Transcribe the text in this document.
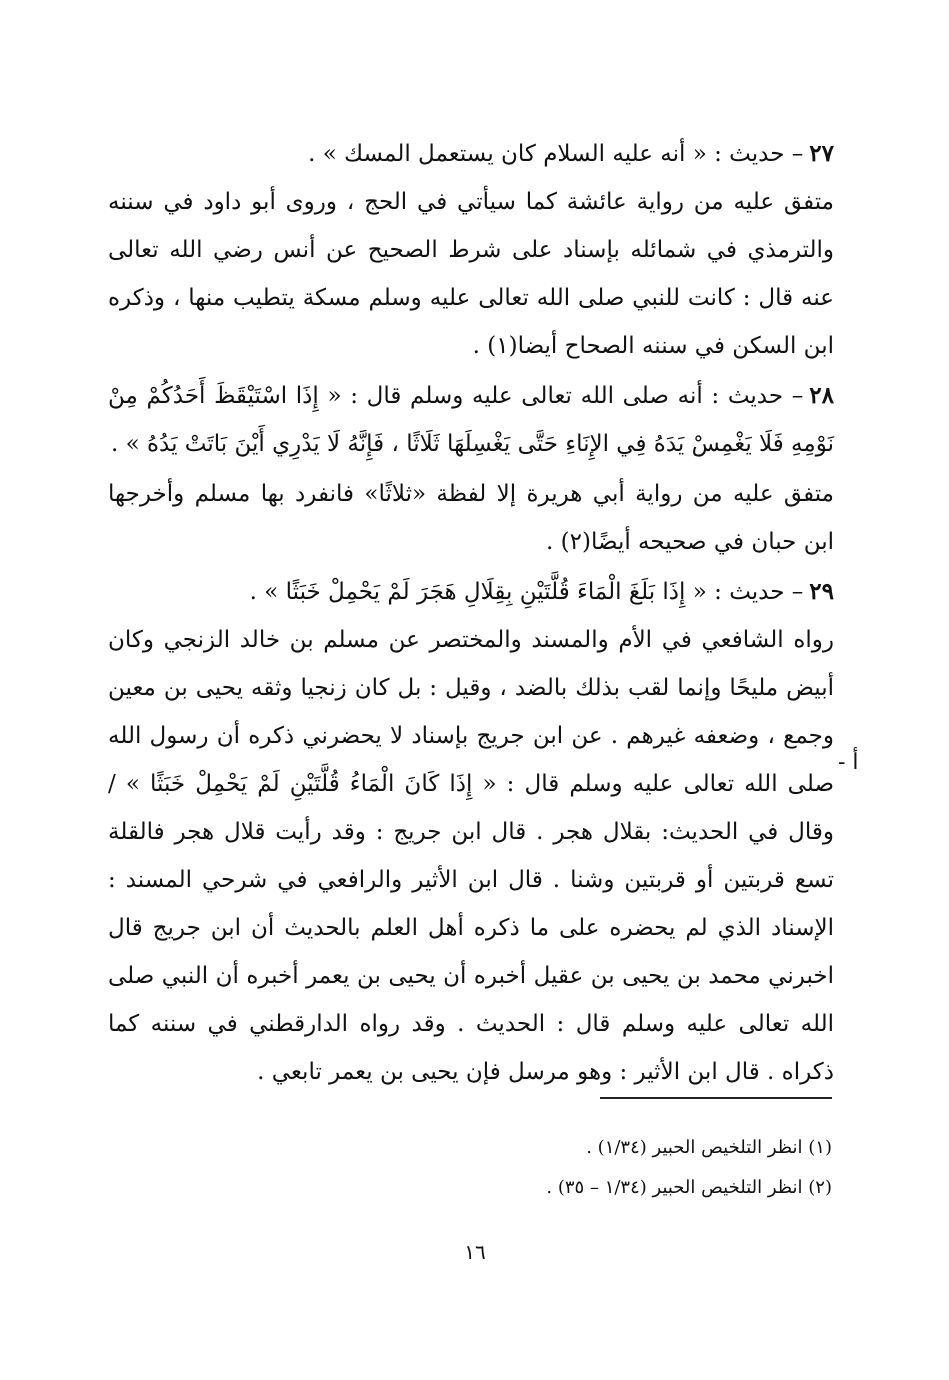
٢٧– حديث : « أنه عليه السلام كان يستعمل المسك » .

متفق عليه من رواية عائشة كما سيأتي في الحج ، وروى أبو داود في سننه والترمذي في شمائله بإسناد على شرط الصحيح عن أنس رضي الله تعالى عنه قال : كانت للنبي صلى الله تعالى عليه وسلم مسكة يتطيب منها ، وذكره ابن السكن في سننه الصحاح أيضا(١) .

٢٨– حديث : أنه صلى الله تعالى عليه وسلم قال : « إِذَا اسْتَيْقَظَ أَحَدُكُمْ مِنْ نَوْمِهِ فَلَا يَغْمِسْ يَدَهُ فِي الإِنَاءِ حَتَّى يَغْسِلَهَا ثَلَاثًا ، فَإِنَّهُ لَا يَدْرِي أَيْنَ بَاتَتْ يَدُهُ » .

متفق عليه من رواية أبي هريرة إلا لفظة «ثلاثًا» فانفرد بها مسلم وأخرجها ابن حبان في صحيحه أيضًا(٢) .

٢٩– حديث : « إِذَا بَلَغَ الْمَاءَ قُلَّتَيْنِ بِقِلَالِ هَجَرَ لَمْ يَحْمِلْ خَبَثًا » .

رواه الشافعي في الأم والمسند والمختصر عن مسلم بن خالد الزنجي وكان أبيض مليحًا وإنما لقب بذلك بالضد ، وقيل : بل كان زنجيا وثقه يحيى بن معين وجمع ، وضعفه غيرهم . عن ابن جريج بإسناد لا يحضرني ذكره أن رسول الله صلى الله تعالى عليه وسلم قال : « إِذَا كَانَ الْمَاءُ قُلَّتَيْنِ لَمْ يَحْمِلْ خَبَثًا » / وقال في الحديث: بقلال هجر . قال ابن جريج : وقد رأيت قلال هجر فالقلة تسع قربتين أو قربتين وشنا . قال ابن الأثير والرافعي في شرحي المسند : الإسناد الذي لم يحضره على ما ذكره أهل العلم بالحديث أن ابن جريج قال اخبرني محمد بن يحيى بن عقيل أخبره أن يحيى بن يعمر أخبره أن النبي صلى الله تعالى عليه وسلم قال : الحديث . وقد رواه الدارقطني في سننه كما ذكراه . قال ابن الأثير : وهو مرسل فإن يحيى بن يعمر تابعي .

أ -

(١) انظر التلخيص الحبير (١/٣٤) .

(٢) انظر التلخيص الحبير (١/٣٤ – ٣٥) .

١٦
